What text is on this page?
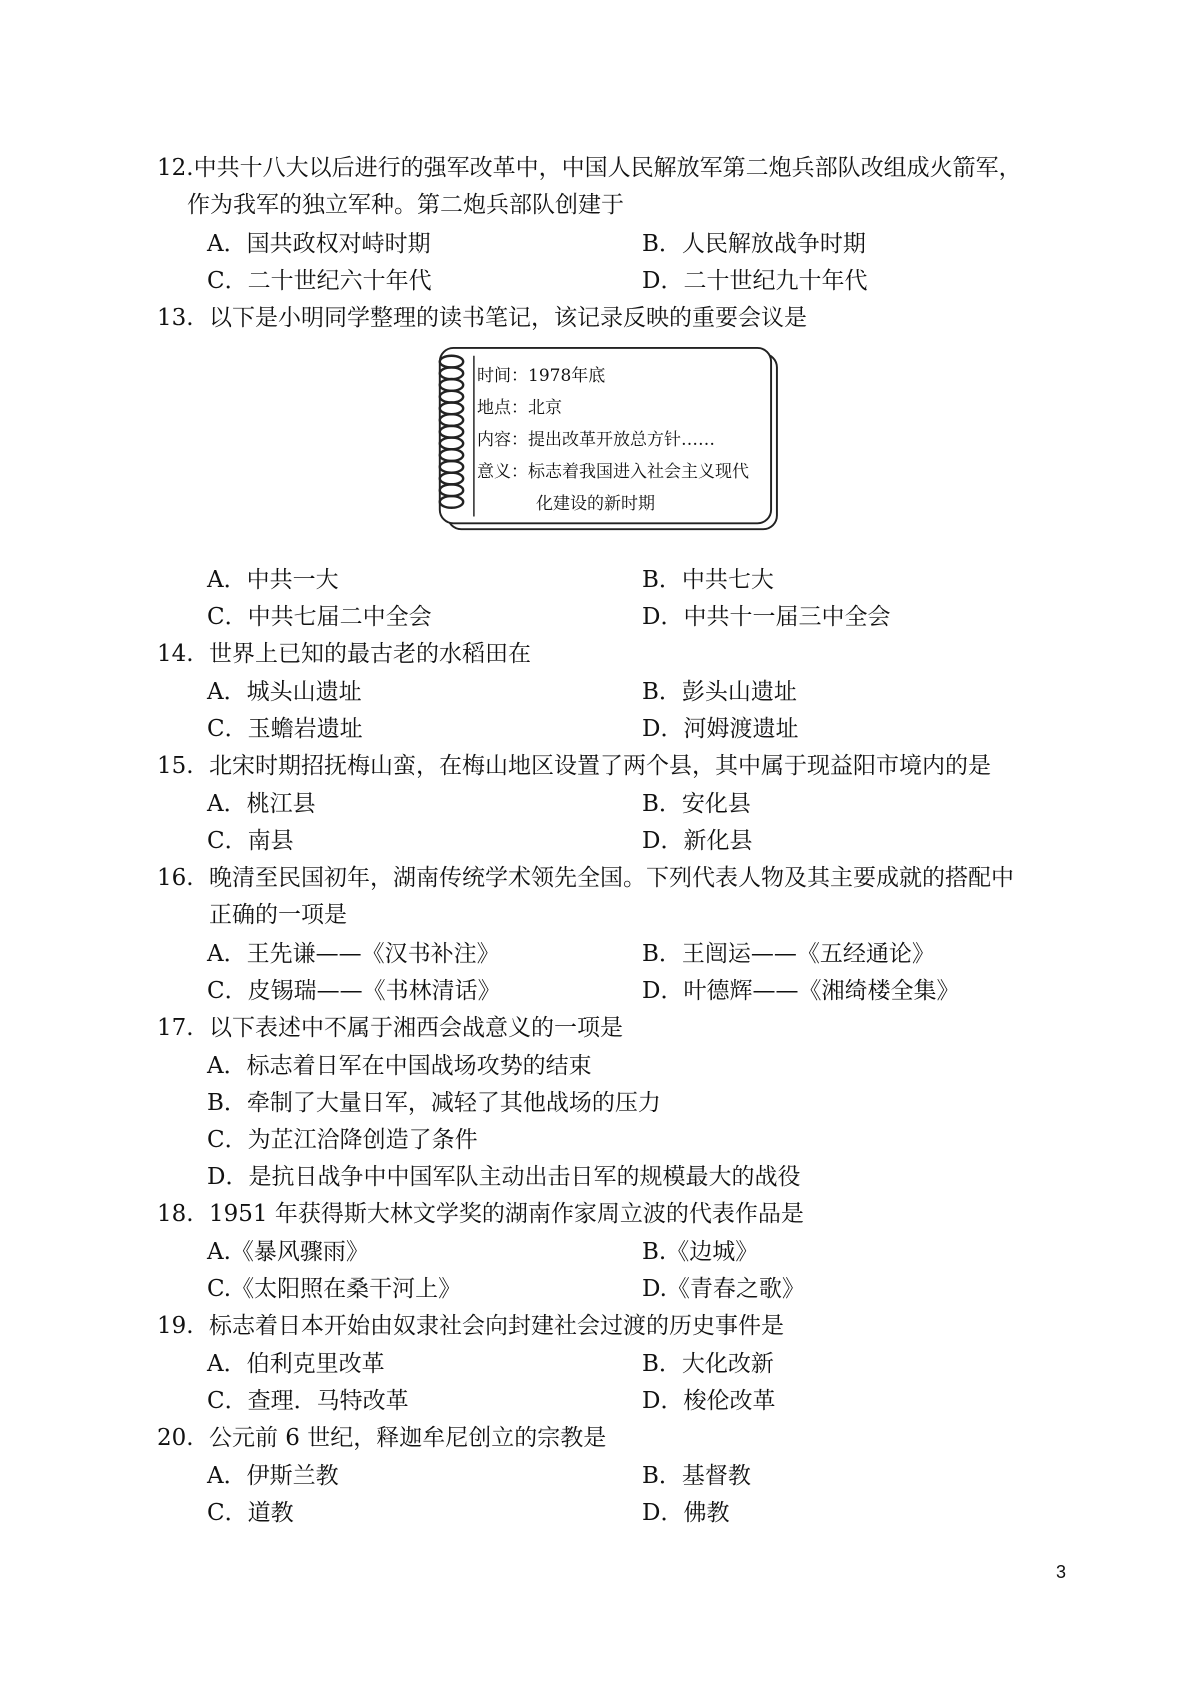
12.中共十八大以后进行的强军改革中，中国人民解放军第二炮兵部队改组成火箭军，
作为我军的独立军种。第二炮兵部队创建于
A．国共政权对峙时期	B．人民解放战争时期
C．二十世纪六十年代	D．二十世纪九十年代
13. 以下是小明同学整理的读书笔记，该记录反映的重要会议是
时间：1978年底
地点：北京
内容：提出改革开放总方针……
意义：标志着我国进入社会主义现代
化建设的新时期
A．中共一大	B．中共七大
C．中共七届二中全会	D．中共十一届三中全会
14. 世界上已知的最古老的水稻田在
A．城头山遗址	B．彭头山遗址
C．玉蟾岩遗址	D．河姆渡遗址
15. 北宋时期招抚梅山蛮，在梅山地区设置了两个县，其中属于现益阳市境内的是
A．桃江县	B．安化县
C．南县	D．新化县
16. 晚清至民国初年，湖南传统学术领先全国。下列代表人物及其主要成就的搭配中
正确的一项是
A．王先谦——《汉书补注》	B．王闿运——《五经通论》
C．皮锡瑞——《书林清话》	D．叶德辉——《湘绮楼全集》
17. 以下表述中不属于湘西会战意义的一项是
A．标志着日军在中国战场攻势的结束
B．牵制了大量日军，减轻了其他战场的压力
C．为芷江洽降创造了条件
D．是抗日战争中中国军队主动出击日军的规模最大的战役
18. 1951 年获得斯大林文学奖的湖南作家周立波的代表作品是
A.《暴风骤雨》	B.《边城》
C.《太阳照在桑干河上》	D.《青春之歌》
19. 标志着日本开始由奴隶社会向封建社会过渡的历史事件是
A．伯利克里改革	B．大化改新
C．查理．马特改革	D．梭伦改革
20. 公元前 6 世纪，释迦牟尼创立的宗教是
A．伊斯兰教	B．基督教
C．道教	D．佛教
3
